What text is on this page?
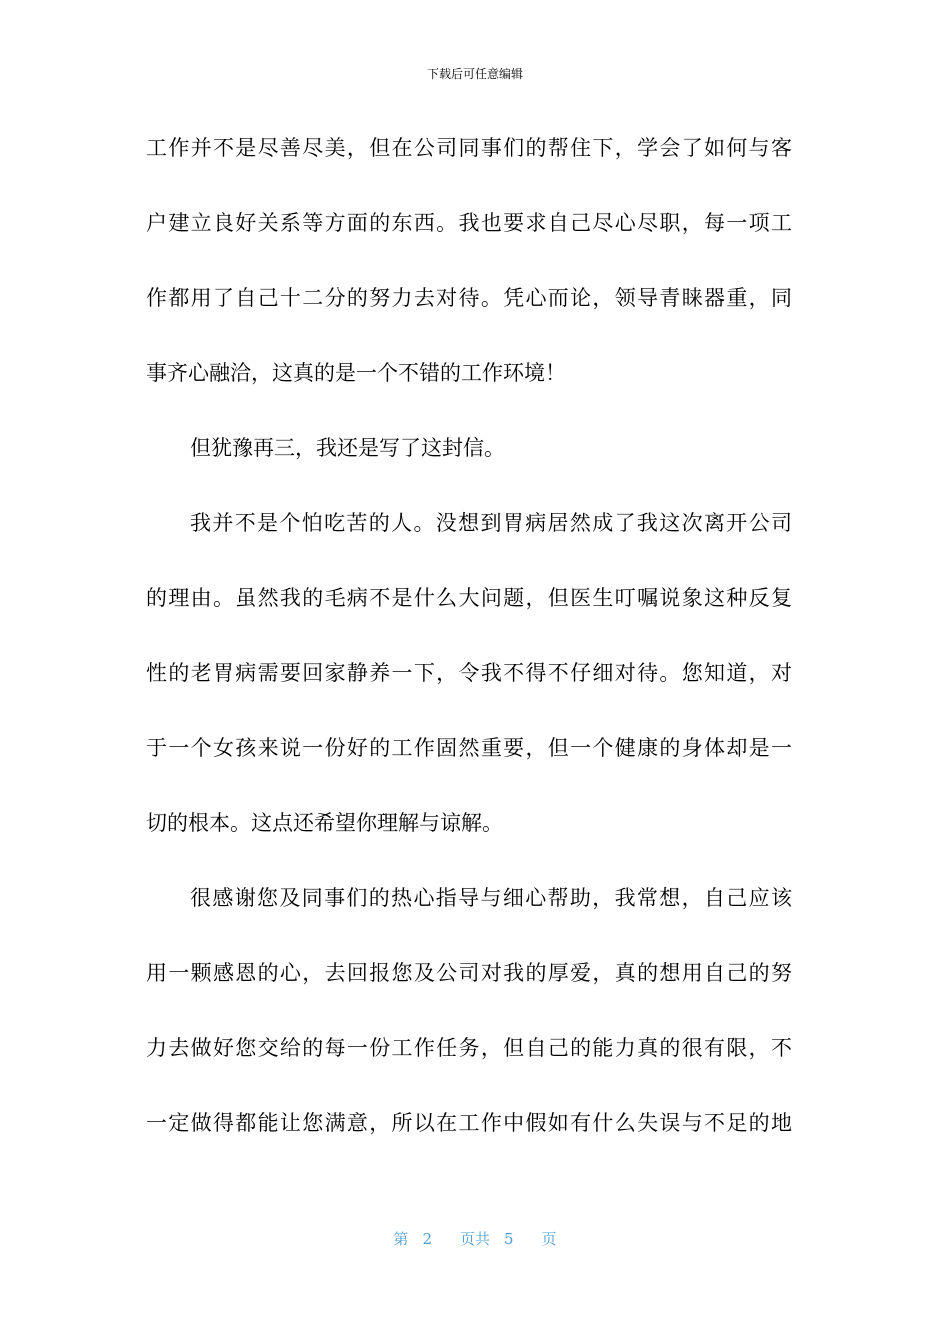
下载后可任意编辑
工作并不是尽善尽美，但在公司同事们的帮住下，学会了如何与客
户建立良好关系等方面的东西。我也要求自己尽心尽职，每一项工
作都用了自己十二分的努力去对待。凭心而论，领导青睐器重，同
事齐心融洽，这真的是一个不错的工作环境！
但犹豫再三，我还是写了这封信。
我并不是个怕吃苦的人。没想到胃病居然成了我这次离开公司
的理由。虽然我的毛病不是什么大问题，但医生叮嘱说象这种反复
性的老胃病需要回家静养一下，令我不得不仔细对待。您知道，对
于一个女孩来说一份好的工作固然重要，但一个健康的身体却是一
切的根本。这点还希望你理解与谅解。
很感谢您及同事们的热心指导与细心帮助，我常想，自己应该
用一颗感恩的心，去回报您及公司对我的厚爱，真的想用自己的努
力去做好您交给的每一份工作任务，但自己的能力真的很有限，不
一定做得都能让您满意，所以在工作中假如有什么失误与不足的地
第 2 页共 5 页
